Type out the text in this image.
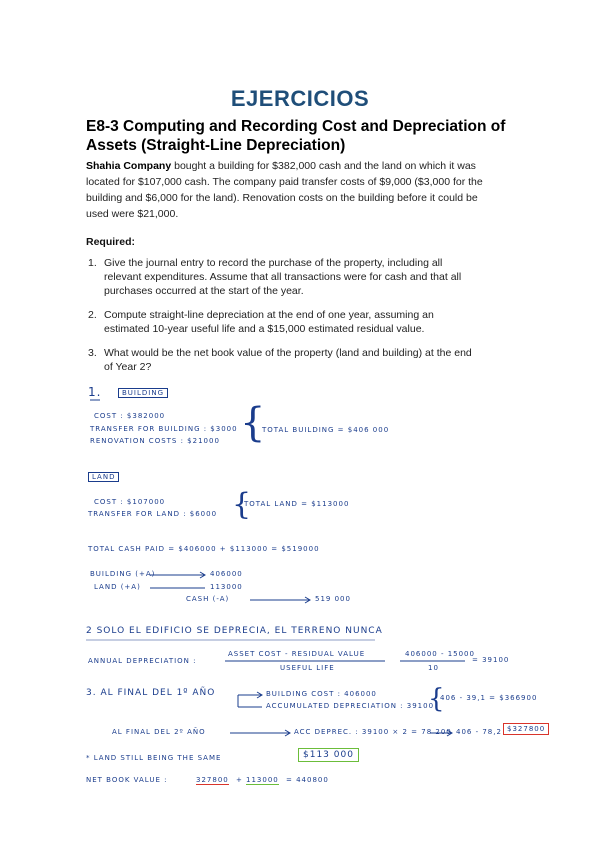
EJERCICIOS
E8-3 Computing and Recording Cost and Depreciation of Assets (Straight-Line Depreciation)
Shahia Company bought a building for $382,000 cash and the land on which it was located for $107,000 cash. The company paid transfer costs of $9,000 ($3,000 for the building and $6,000 for the land). Renovation costs on the building before it could be used were $21,000.
Required:
1. Give the journal entry to record the purchase of the property, including all relevant expenditures. Assume that all transactions were for cash and that all purchases occurred at the start of the year.
2. Compute straight-line depreciation at the end of one year, assuming an estimated 10-year useful life and a $15,000 estimated residual value.
3. What would be the net book value of the property (land and building) at the end of Year 2?
1.	BUILDING
COST : $382000
TRANSFER FOR BUILDING : $3000
RENOVATION COSTS : $21000 {
TOTAL BUILDING = $406 000
LAND
COST : $107000
TRANSFER FOR LAND : $6000 {
TOTAL LAND = $113000
TOTAL CASH PAID = $406000 + $113000 = $519000
BUILDING (+A)	406000
LAND (+A)	113000
CASH (-A)	519 000
2 SOLO EL EDIFICIO SE DEPRECIA, EL TERRENO NUNCA
ANNUAL DEPRECIATION :
ASSET COST - RESIDUAL VALUE
USEFUL LIFE
406000 - 15000
10
= 39100
3. AL FINAL DEL 1º AÑO	BUILDING COST : 406000
ACCUMULATED DEPRECIATION : 39100
{
406 - 39,1 = $366900
AL FINAL DEL 2º AÑO	ACC DEPREC. : 39100 × 2 = 78 200 406 - 78,2 $327800
* LAND STILL BEING THE SAME	$113 000
NET BOOK VALUE :	327800 + 113000 = 440800
